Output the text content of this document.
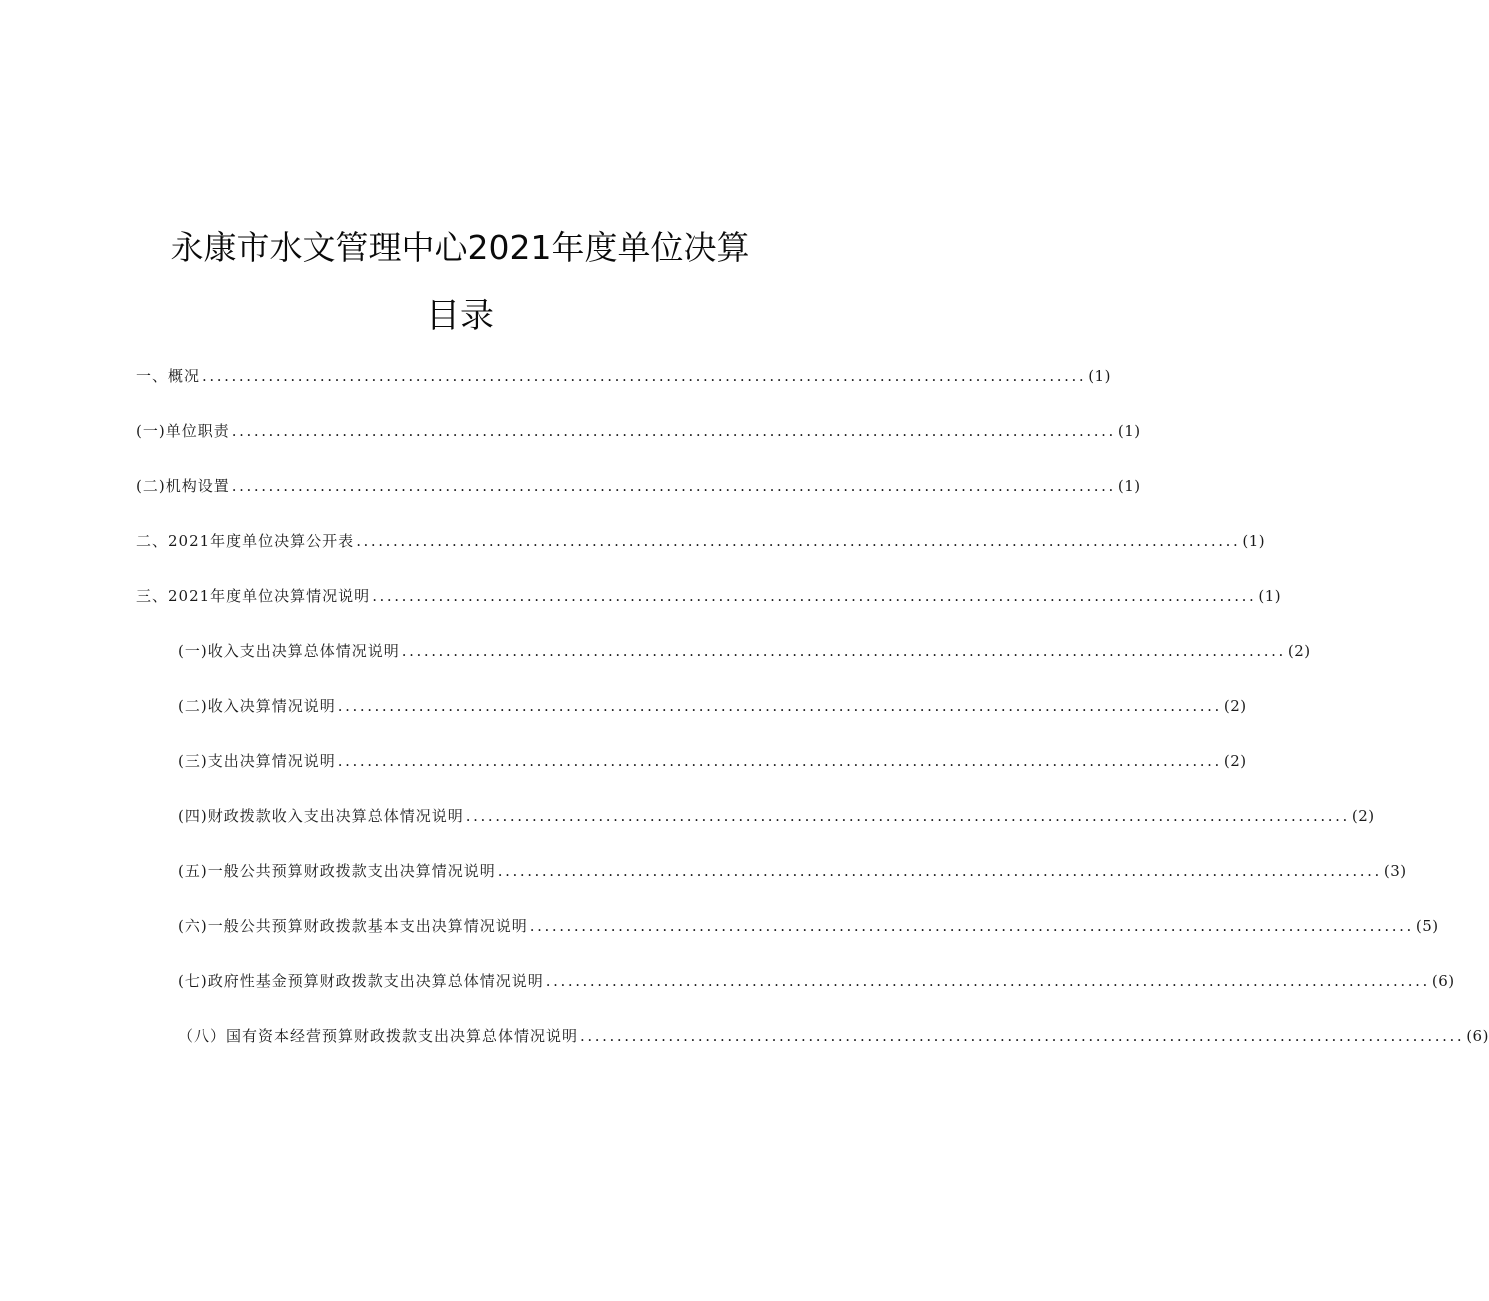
永康市水文管理中心2021年度单位决算
目录
一、概况 ........................................................................................................................ (1)
(一)单位职责 ........................................................................................................................ (1)
(二)机构设置 ........................................................................................................................ (1)
二、2021年度单位决算公开表 ........................................................................................................................ (1)
三、2021年度单位决算情况说明 ........................................................................................................................ (1)
(一)收入支出决算总体情况说明 ........................................................................................................................ (2)
(二)收入决算情况说明 ........................................................................................................................ (2)
(三)支出决算情况说明 ........................................................................................................................ (2)
(四)财政拨款收入支出决算总体情况说明 ........................................................................................................................ (2)
(五)一般公共预算财政拨款支出决算情况说明 ........................................................................................................................ (3)
(六)一般公共预算财政拨款基本支出决算情况说明 ........................................................................................................................ (5)
(七)政府性基金预算财政拨款支出决算总体情况说明 ........................................................................................................................ (6)
（八）国有资本经营预算财政拨款支出决算总体情况说明 ........................................................................................................................ (6)
